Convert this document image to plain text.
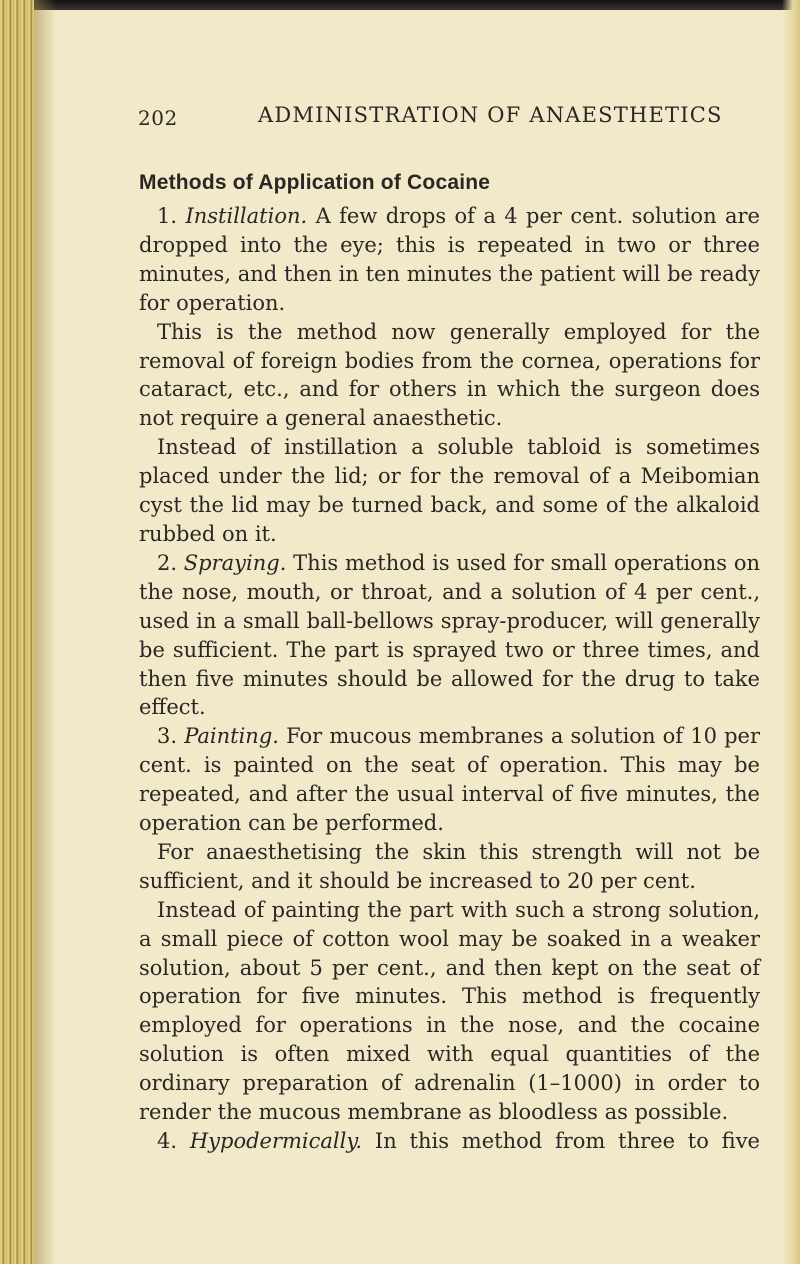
202	ADMINISTRATION OF ANAESTHETICS
Methods of Application of Cocaine

1. Instillation. A few drops of a 4 per cent. solution are dropped into the eye; this is repeated in two or three minutes, and then in ten minutes the patient will be ready for operation.

This is the method now generally employed for the removal of foreign bodies from the cornea, operations for cataract, etc., and for others in which the surgeon does not require a general anaesthetic.

Instead of instillation a soluble tabloid is sometimes placed under the lid; or for the removal of a Meibomian cyst the lid may be turned back, and some of the alkaloid rubbed on it.

2. Spraying. This method is used for small operations on the nose, mouth, or throat, and a solution of 4 per cent., used in a small ball-bellows spray-producer, will generally be sufficient. The part is sprayed two or three times, and then five minutes should be allowed for the drug to take effect.

3. Painting. For mucous membranes a solution of 10 per cent. is painted on the seat of operation. This may be repeated, and after the usual interval of five minutes, the operation can be performed.

For anaesthetising the skin this strength will not be sufficient, and it should be increased to 20 per cent.

Instead of painting the part with such a strong solution, a small piece of cotton wool may be soaked in a weaker solution, about 5 per cent., and then kept on the seat of operation for five minutes. This method is frequently employed for operations in the nose, and the cocaine solution is often mixed with equal quantities of the ordinary preparation of adrenalin (1–1000) in order to render the mucous membrane as bloodless as possible.

4. Hypodermically. In this method from three to five
